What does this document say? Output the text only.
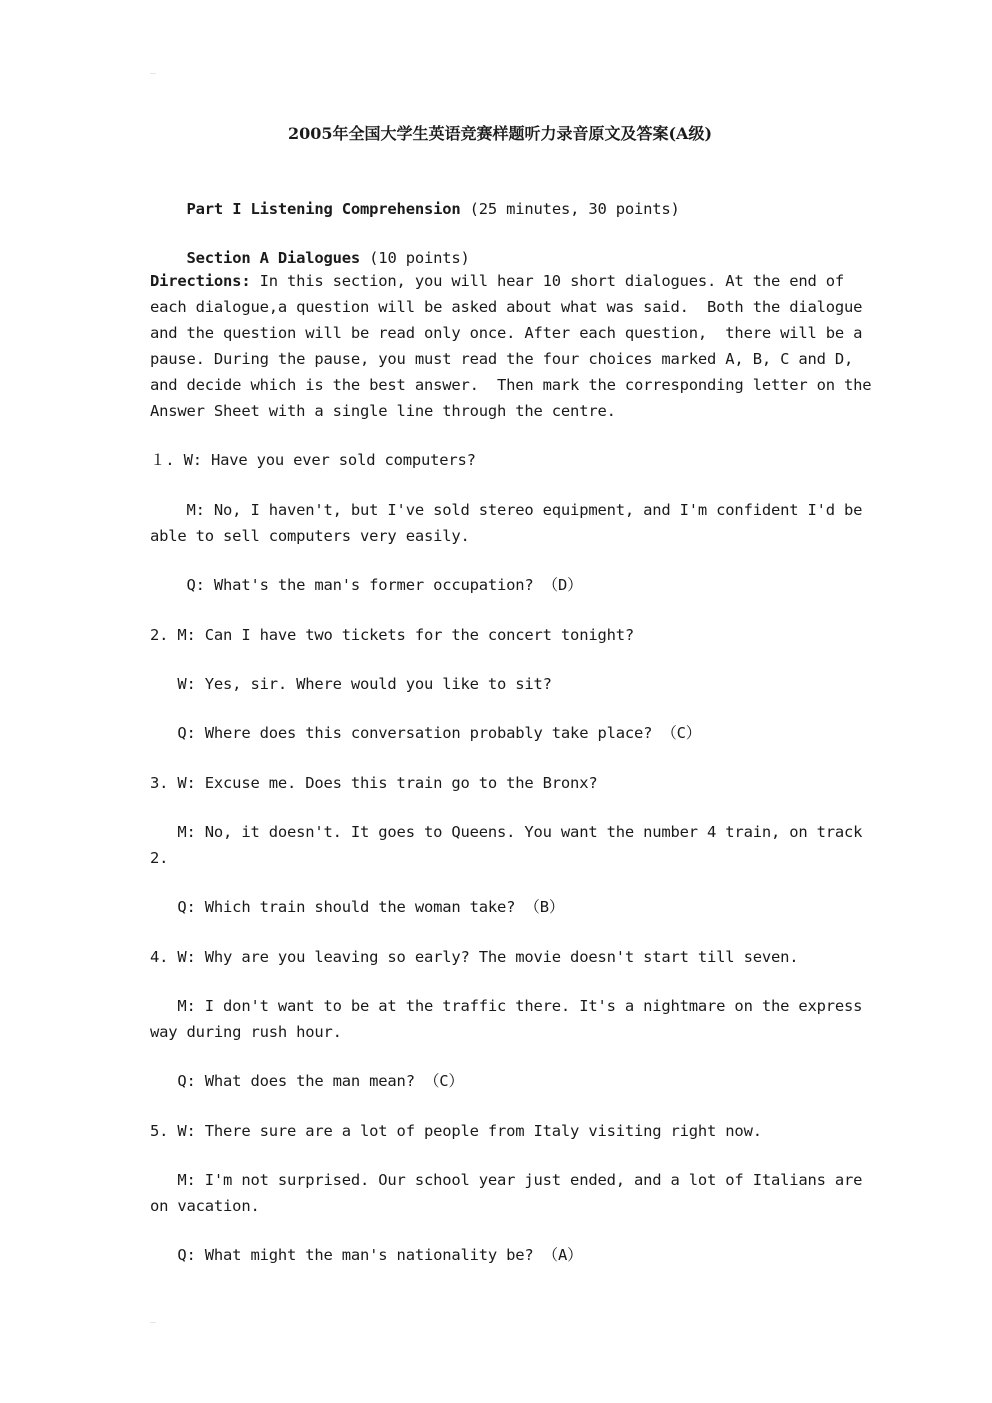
2005年全国大学生英语竞赛样题听力录音原文及答案(A级)

Part I Listening Comprehension (25 minutes, 30 points)

Section A Dialogues (10 points)

Directions: In this section, you will hear 10 short dialogues. At the end of
each dialogue,a question will be asked about what was said.  Both the dialogue
and the question will be read only once. After each question,  there will be a
pause. During the pause, you must read the four choices marked A, B, C and D,
and decide which is the best answer.  Then mark the corresponding letter on the
Answer Sheet with a single line through the centre.
１. W: Have you ever sold computers?
M: No, I haven't, but I've sold stereo equipment, and I'm confident I'd be
able to sell computers very easily.
Q: What's the man's former occupation? （D）
2. M: Can I have two tickets for the concert tonight?
W: Yes, sir. Where would you like to sit?
Q: Where does this conversation probably take place? （C）
3. W: Excuse me. Does this train go to the Bronx?
M: No, it doesn't. It goes to Queens. You want the number 4 train, on track
2.
Q: Which train should the woman take? （B）
4. W: Why are you leaving so early? The movie doesn't start till seven.
M: I don't want to be at the traffic there. It's a nightmare on the express
way during rush hour.
Q: What does the man mean? （C）
5. W: There sure are a lot of people from Italy visiting right now.
M: I'm not surprised. Our school year just ended, and a lot of Italians are
on vacation.
Q: What might the man's nationality be? （A）
